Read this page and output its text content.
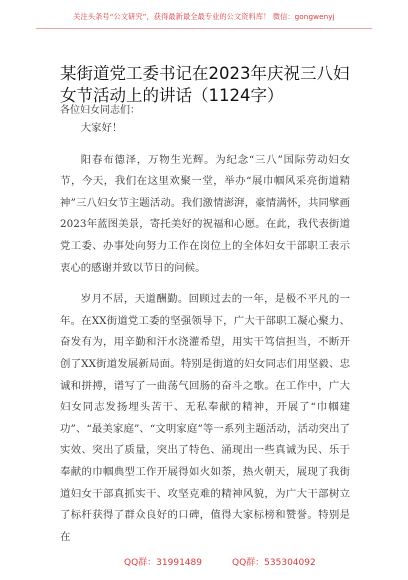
关注头条号“公文研究”，获得最新最全最专业的公文资料库！ 微信：gongwenyj
某街道党工委书记在2023年庆祝三八妇女节活动上的讲话（1124字）
各位妇女同志们：

大家好！

阳春布德泽，万物生光辉。为纪念“三八”国际劳动妇女节，今天，我们在这里欢聚一堂，举办“展巾帼风采亮街道精神”三八妇女节主题活动。我们激情澎湃，豪情满怀，共同擘画2023年蓝图美景，寄托美好的祝福和心愿。在此，我代表街道党工委、办事处向努力工作在岗位上的全体妇女干部职工表示衷心的感谢并致以节日的问候。

岁月不居，天道酬勤。回顾过去的一年，是极不平凡的一年。在XX街道党工委的坚强领导下，广大干部职工凝心聚力、奋发有为，用辛勤和汗水浇灌希望，用实干笃信担当，不断开创了XX街道发展新局面。特别是街道的妇女同志们用坚毅、忠诚和拼搏，谱写了一曲荡气回肠的奋斗之歌。在工作中，广大妇女同志发扬埋头苦干、无私奉献的精神，开展了“巾帼建功”、“最美家庭”、“文明家庭”等一系列主题活动，活动突出了实效、突出了质量，突出了特色、涌现出一些真诚为民、乐于奉献的巾帼典型工作开展得如火如荼，热火朝天，展现了我街道妇女干部真抓实干、攻坚克难的精神风貌，为广大干部树立了标杆获得了群众良好的口碑，值得大家标榜和赞誉。特别是在

QQ群：31991489	QQ群：535304092
